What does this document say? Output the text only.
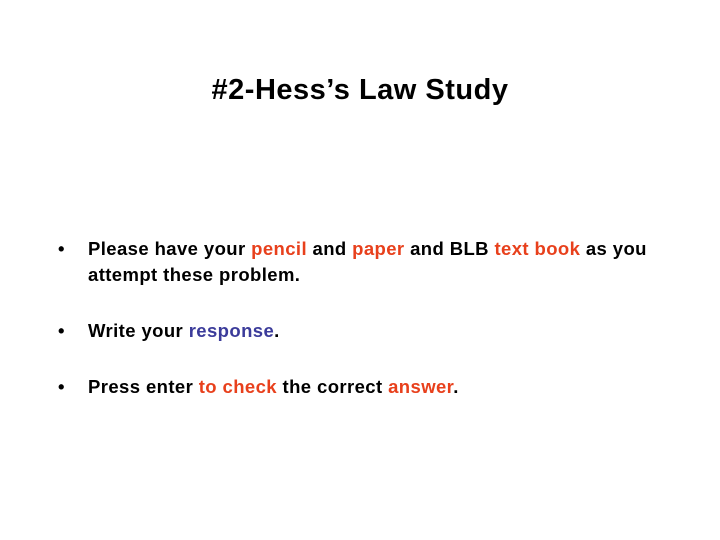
#2-Hess’s Law Study
• Please have your pencil and paper and BLB text book as you attempt these problem.
• Write your response.
• Press enter to check the correct answer.
